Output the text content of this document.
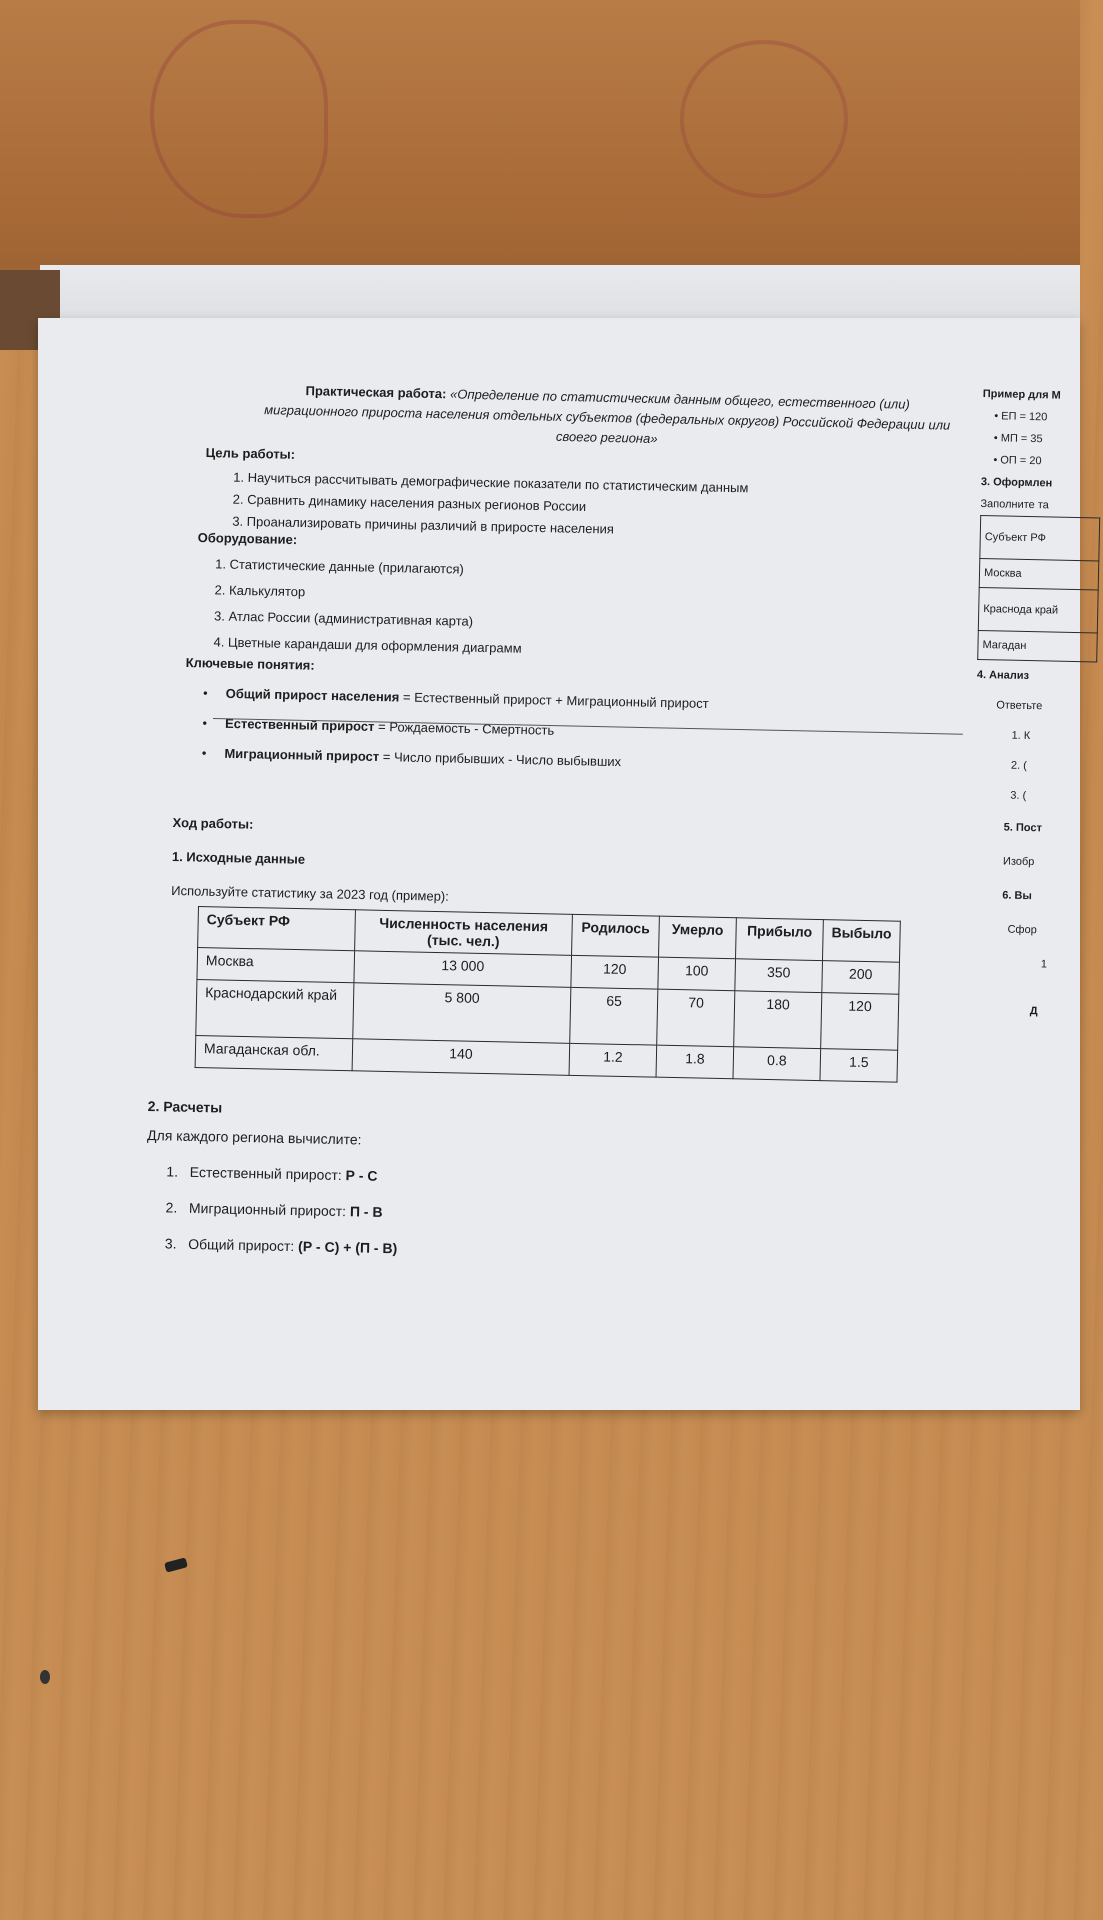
Практическая работа: «Определение по статистическим данным общего, естественного (или) миграционного прироста населения отдельных субъектов (федеральных округов) Российской Федерации или своего региона»
Цель работы:
1. Научиться рассчитывать демографические показатели по статистическим данным
2. Сравнить динамику населения разных регионов России
3. Проанализировать причины различий в приросте населения
Оборудование:
1. Статистические данные (прилагаются)
2. Калькулятор
3. Атлас России (административная карта)
4. Цветные карандаши для оформления диаграмм
Ключевые понятия:
•     Общий прирост населения = Естественный прирост + Миграционный прирост
•     Естественный прирост = Рождаемость - Смертность
•     Миграционный прирост = Число прибывших - Число выбывших
Ход работы:
1. Исходные данные
Используйте статистику за 2023 год (пример):
Субъект РФ	Численность населения (тыс. чел.)	Родилось	Умерло	Прибыло	Выбыло
Москва	13 000	120	100	350	200
Краснодарский край	5 800	65	70	180	120
Магаданская обл.	140	1.2	1.8	0.8	1.5
2. Расчеты
Для каждого региона вычислите:
1. Естественный прирост: Р - С
2. Миграционный прирост: П - В
3. Общий прирост: (Р - С) + (П - В)
Пример для М
• ЕП = 120
• МП = 35
• ОП = 20
3. Оформлен
Заполните та
Субъект РФ
Москва
Краснода край
Магадан
4. Анализ
Ответьте
1. К
2. (
3. (
5. Пост
Изобр
6. Вы
Сфор
1
Д
